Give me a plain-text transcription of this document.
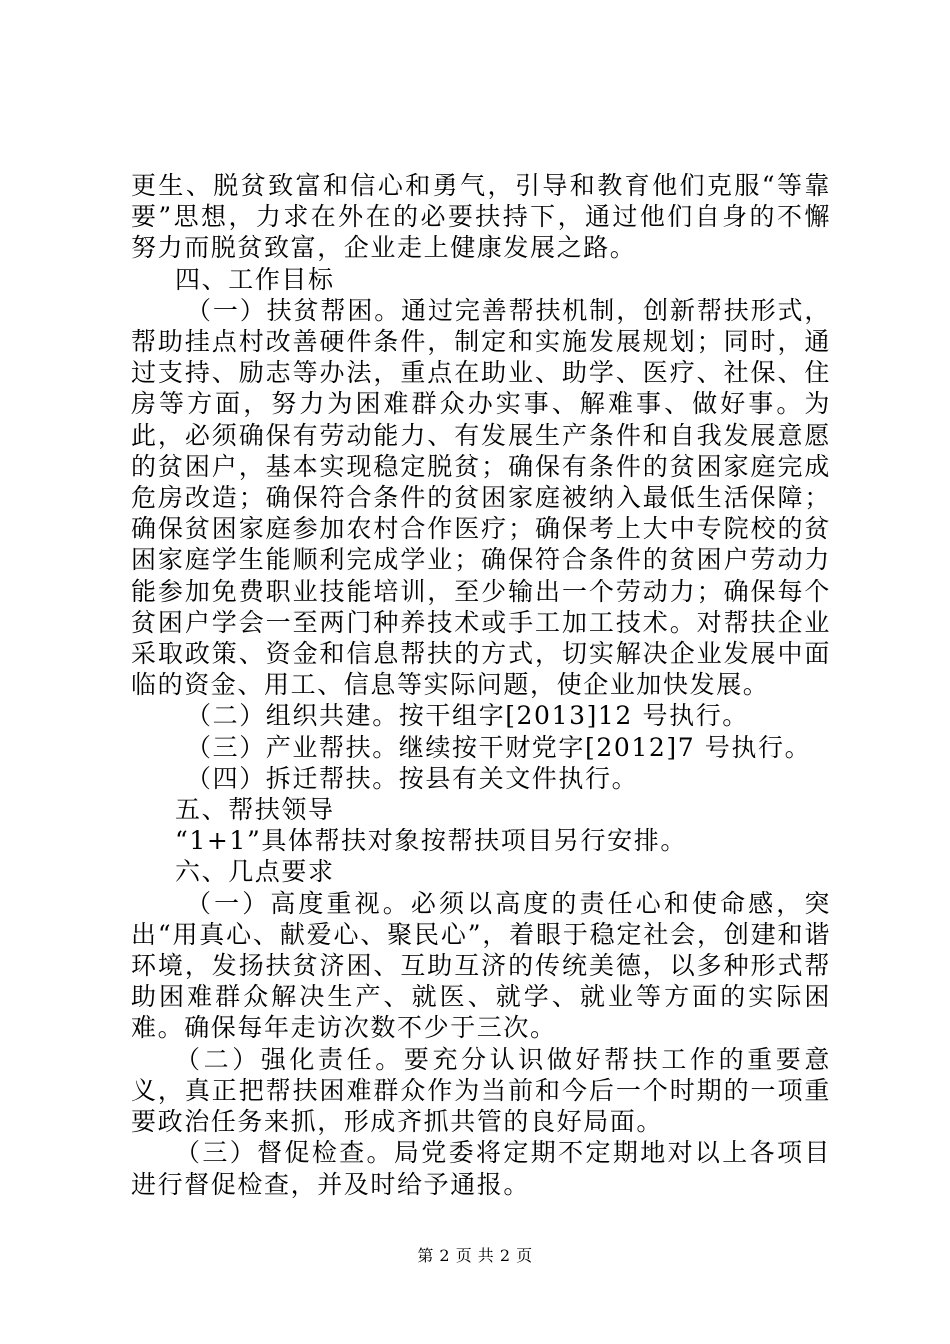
更生、脱贫致富和信心和勇气，引导和教育他们克服“等靠要”思想，力求在外在的必要扶持下，通过他们自身的不懈努力而脱贫致富，企业走上健康发展之路。

四、工作目标

（一）扶贫帮困。通过完善帮扶机制，创新帮扶形式，帮助挂点村改善硬件条件，制定和实施发展规划；同时，通过支持、励志等办法，重点在助业、助学、医疗、社保、住房等方面，努力为困难群众办实事、解难事、做好事。为此，必须确保有劳动能力、有发展生产条件和自我发展意愿的贫困户，基本实现稳定脱贫；确保有条件的贫困家庭完成危房改造；确保符合条件的贫困家庭被纳入最低生活保障；确保贫困家庭参加农村合作医疗；确保考上大中专院校的贫困家庭学生能顺利完成学业；确保符合条件的贫困户劳动力能参加免费职业技能培训，至少输出一个劳动力；确保每个贫困户学会一至两门种养技术或手工加工技术。对帮扶企业采取政策、资金和信息帮扶的方式，切实解决企业发展中面临的资金、用工、信息等实际问题，使企业加快发展。

（二）组织共建。按干组字[2013]12 号执行。

（三）产业帮扶。继续按干财党字[2012]7 号执行。

（四）拆迁帮扶。按县有关文件执行。

五、帮扶领导

“1+1”具体帮扶对象按帮扶项目另行安排。

六、几点要求

（一）高度重视。必须以高度的责任心和使命感，突出“用真心、献爱心、聚民心”，着眼于稳定社会，创建和谐环境，发扬扶贫济困、互助互济的传统美德，以多种形式帮助困难群众解决生产、就医、就学、就业等方面的实际困难。确保每年走访次数不少于三次。

（二）强化责任。要充分认识做好帮扶工作的重要意义，真正把帮扶困难群众作为当前和今后一个时期的一项重要政治任务来抓，形成齐抓共管的良好局面。

（三）督促检查。局党委将定期不定期地对以上各项目进行督促检查，并及时给予通报。

第 2 页 共 2 页
